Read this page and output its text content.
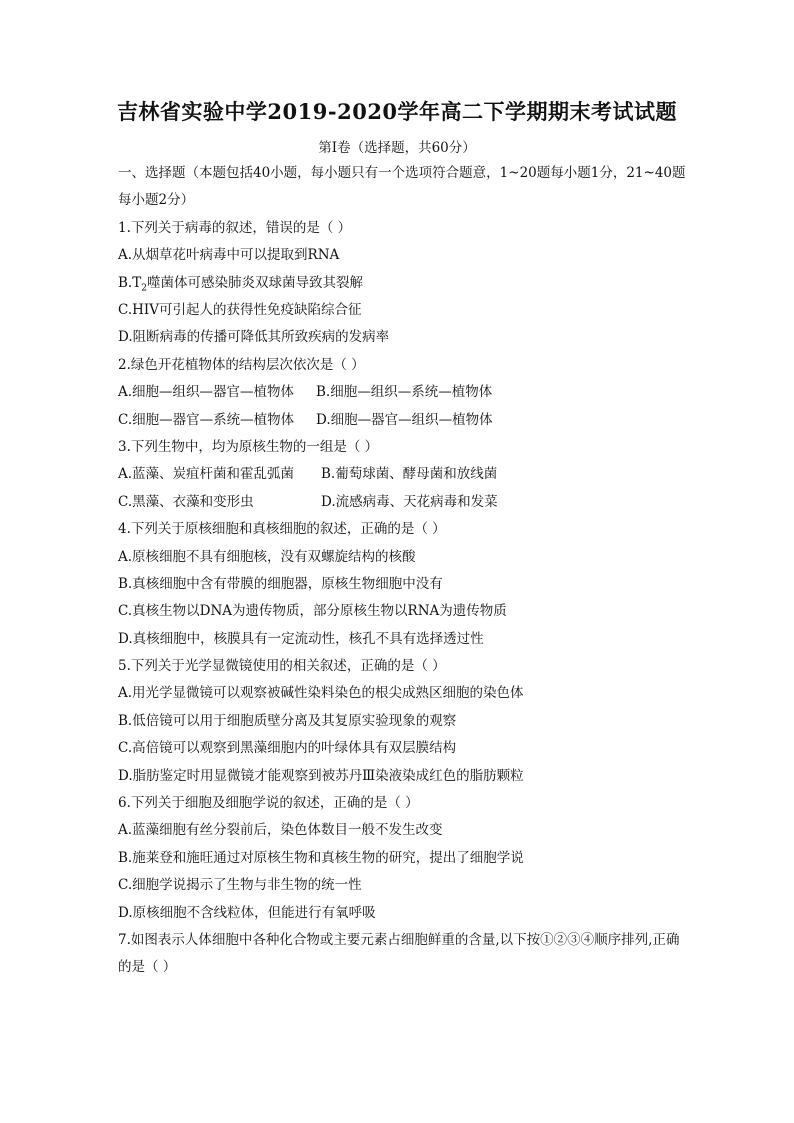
吉林省实验中学2019-2020学年高二下学期期末考试试题
第I卷（选择题，共60分）
一、选择题（本题包括40小题，每小题只有一个选项符合题意，1~20题每小题1分，21~40题每小题2分）
1.下列关于病毒的叙述，错误的是（ ）
A.从烟草花叶病毒中可以提取到RNA
$B.T_2$噬菌体可感染肺炎双球菌导致其裂解
C.HIV可引起人的获得性免疫缺陷综合征
D.阻断病毒的传播可降低其所致疾病的发病率
2.绿色开花植物体的结构层次依次是（ ）
A.细胞—组织—器官—植物体 B.细胞—组织—系统—植物体
C.细胞—器官—系统—植物体 D.细胞—器官—组织—植物体
3.下列生物中，均为原核生物的一组是（ ）
A.蓝藻、炭疽杆菌和霍乱弧菌 B.葡萄球菌、酵母菌和放线菌
C.黑藻、衣藻和变形虫	D.流感病毒、天花病毒和发菜
4.下列关于原核细胞和真核细胞的叙述，正确的是（ ）
A.原核细胞不具有细胞核，没有双螺旋结构的核酸
B.真核细胞中含有带膜的细胞器，原核生物细胞中没有
C.真核生物以DNA为遗传物质，部分原核生物以RNA为遗传物质
D.真核细胞中，核膜具有一定流动性，核孔不具有选择透过性
5.下列关于光学显微镜使用的相关叙述，正确的是（ ）
A.用光学显微镜可以观察被碱性染料染色的根尖成熟区细胞的染色体
B.低倍镜可以用于细胞质壁分离及其复原实验现象的观察
C.高倍镜可以观察到黑藻细胞内的叶绿体具有双层膜结构
D.脂肪鉴定时用显微镜才能观察到被苏丹Ⅲ染液染成红色的脂肪颗粒
6.下列关于细胞及细胞学说的叙述，正确的是（ ）
A.蓝藻细胞有丝分裂前后，染色体数目一般不发生改变
B.施莱登和施旺通过对原核生物和真核生物的研究，提出了细胞学说
C.细胞学说揭示了生物与非生物的统一性
D.原核细胞不含线粒体，但能进行有氧呼吸
7.如图表示人体细胞中各种化合物或主要元素占细胞鲜重的含量,以下按①②③④顺序排列,正确的是（ ）
